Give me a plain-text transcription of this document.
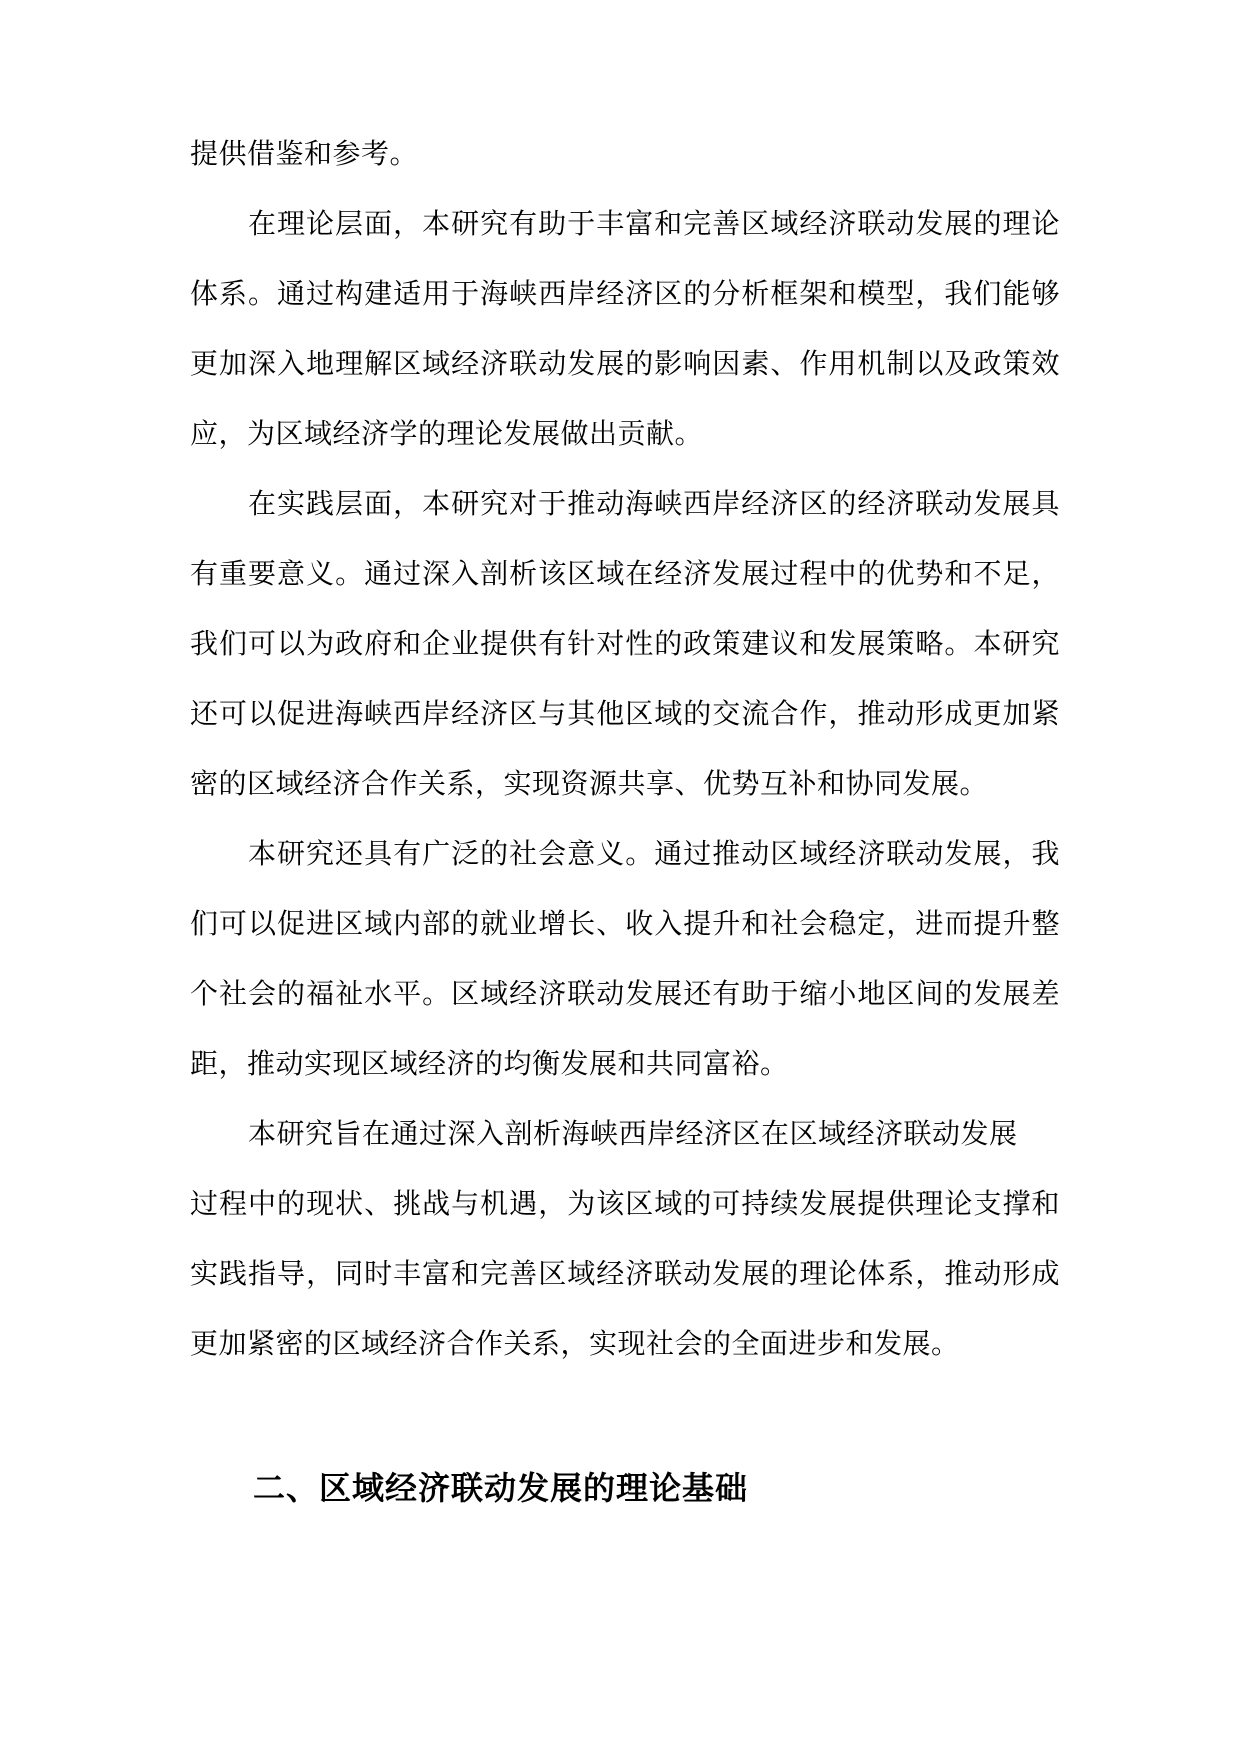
提供借鉴和参考。
在理论层面，本研究有助于丰富和完善区域经济联动发展的理论
体系。通过构建适用于海峡西岸经济区的分析框架和模型，我们能够
更加深入地理解区域经济联动发展的影响因素、作用机制以及政策效
应，为区域经济学的理论发展做出贡献。
在实践层面，本研究对于推动海峡西岸经济区的经济联动发展具
有重要意义。通过深入剖析该区域在经济发展过程中的优势和不足，
我们可以为政府和企业提供有针对性的政策建议和发展策略。本研究
还可以促进海峡西岸经济区与其他区域的交流合作，推动形成更加紧
密的区域经济合作关系，实现资源共享、优势互补和协同发展。
本研究还具有广泛的社会意义。通过推动区域经济联动发展，我
们可以促进区域内部的就业增长、收入提升和社会稳定，进而提升整
个社会的福祉水平。区域经济联动发展还有助于缩小地区间的发展差
距，推动实现区域经济的均衡发展和共同富裕。
本研究旨在通过深入剖析海峡西岸经济区在区域经济联动发展
过程中的现状、挑战与机遇，为该区域的可持续发展提供理论支撑和
实践指导，同时丰富和完善区域经济联动发展的理论体系，推动形成
更加紧密的区域经济合作关系，实现社会的全面进步和发展。
二、区域经济联动发展的理论基础
